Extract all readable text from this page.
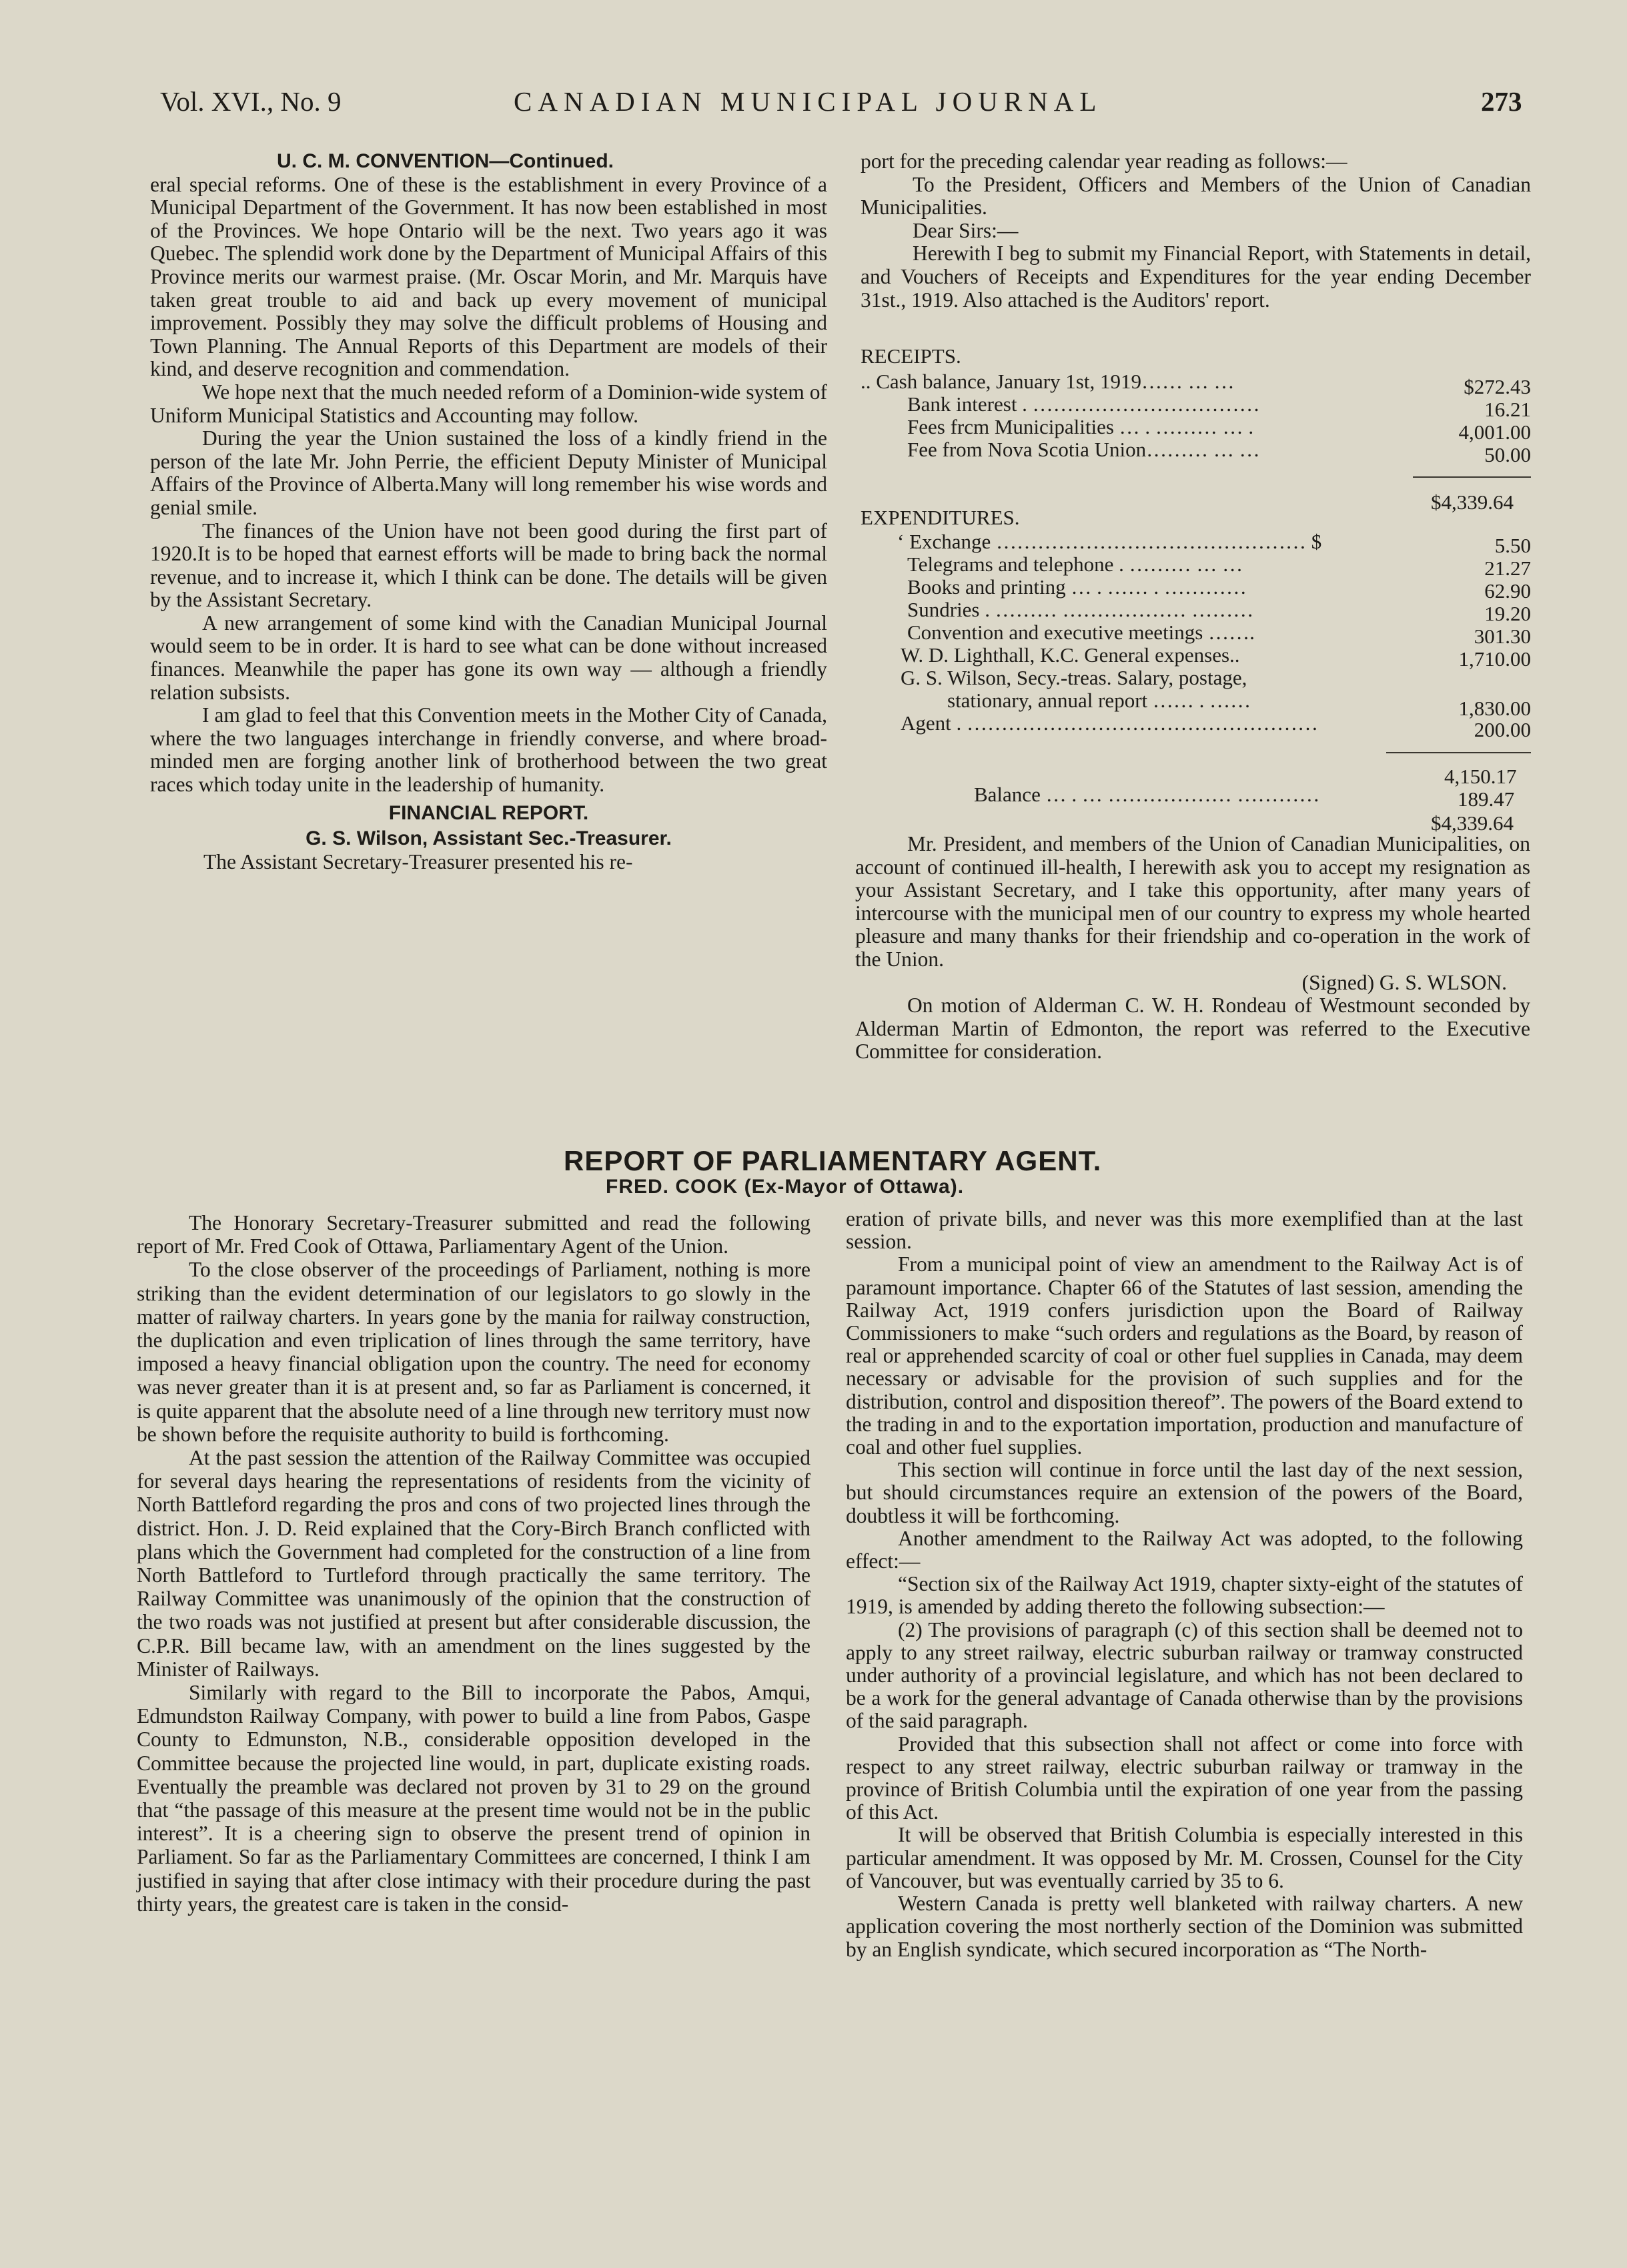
Vol. XVI., No. 9	CANADIAN MUNICIPAL JOURNAL	273
U. C. M. CONVENTION—Continued.

eral special reforms. One of these is the establishment in every Province of a Municipal Department of the Government. It has now been established in most of the Provinces. We hope Ontario will be the next. Two years ago it was Quebec. The splendid work done by the Department of Municipal Affairs of this Province merits our warmest praise. (Mr. Oscar Morin, and Mr. Marquis have taken great trouble to aid and back up every movement of municipal improvement. Possibly they may solve the difficult problems of Housing and Town Planning. The Annual Reports of this Department are models of their kind, and deserve recognition and commendation.

We hope next that the much needed reform of a Dominion-wide system of Uniform Municipal Statistics and Accounting may follow.

During the year the Union sustained the loss of a kindly friend in the person of the late Mr. John Perrie, the efficient Deputy Minister of Municipal Affairs of the Province of Alberta.Many will long remember his wise words and genial smile.

The finances of the Union have not been good during the first part of 1920.It is to be hoped that earnest efforts will be made to bring back the normal revenue, and to increase it, which I think can be done. The details will be given by the Assistant Secretary.

A new arrangement of some kind with the Canadian Municipal Journal would seem to be in order. It is hard to see what can be done without increased finances. Meanwhile the paper has gone its own way — although a friendly relation subsists.

I am glad to feel that this Convention meets in the Mother City of Canada, where the two languages interchange in friendly converse, and where broad-minded men are forging another link of brotherhood between the two great races which today unite in the leadership of humanity.

FINANCIAL REPORT.
G. S. Wilson, Assistant Sec.-Treasurer.

The Assistant Secretary-Treasurer presented his re-

port for the preceding calendar year reading as follows:—

To the President, Officers and Members of the Union of Canadian Municipalities.

Dear Sirs:—

Herewith I beg to submit my Financial Report, with Statements in detail, and Vouchers of Receipts and Expenditures for the year ending December 31st., 1919. Also attached is the Auditors' report.

RECEIPTS.
.. Cash balance, January 1st, 1919…… … …	$272.43
Bank interest . ……………………………	16.21
Fees frcm Municipalities … . ……… … .	4,001.00
Fee from Nova Scotia Union……… … …	50.00
$4,339.64
EXPENDITURES.
‘ Exchange ……………………………………… $	5.50
Telegrams and telephone . ……… … …	21.27
Books and printing … . …… . …………	62.90
Sundries . ……… ……………… ………	19.20
Convention and executive meetings …….	301.30
W. D. Lighthall, K.C. General expenses..	1,710.00
G. S. Wilson, Secy.-treas. Salary, postage,
stationary, annual report …… . ……	1,830.00
Agent . ……………………………………………	200.00
4,150.17
Balance … . … ……………… …………	189.47
$4,339.64

Mr. President, and members of the Union of Canadian Municipalities, on account of continued ill-health, I herewith ask you to accept my resignation as your Assistant Secretary, and I take this opportunity, after many years of intercourse with the municipal men of our country to express my whole hearted pleasure and many thanks for their friendship and co-operation in the work of the Union.

(Signed) G. S. WLSON.

On motion of Alderman C. W. H. Rondeau of Westmount seconded by Alderman Martin of Edmonton, the report was referred to the Executive Committee for consideration.

REPORT OF PARLIAMENTARY AGENT.
FRED. COOK (Ex-Mayor of Ottawa).

The Honorary Secretary-Treasurer submitted and read the following report of Mr. Fred Cook of Ottawa, Parliamentary Agent of the Union.

To the close observer of the proceedings of Parliament, nothing is more striking than the evident determination of our legislators to go slowly in the matter of railway charters. In years gone by the mania for railway construction, the duplication and even triplication of lines through the same territory, have imposed a heavy financial obligation upon the country. The need for economy was never greater than it is at present and, so far as Parliament is concerned, it is quite apparent that the absolute need of a line through new territory must now be shown before the requisite authority to build is forthcoming.

At the past session the attention of the Railway Committee was occupied for several days hearing the representations of residents from the vicinity of North Battleford regarding the pros and cons of two projected lines through the district. Hon. J. D. Reid explained that the Cory-Birch Branch conflicted with plans which the Government had completed for the construction of a line from North Battleford to Turtleford through practically the same territory. The Railway Committee was unanimously of the opinion that the construction of the two roads was not justified at present but after considerable discussion, the C.P.R. Bill became law, with an amendment on the lines suggested by the Minister of Railways.

Similarly with regard to the Bill to incorporate the Pabos, Amqui, Edmundston Railway Company, with power to build a line from Pabos, Gaspe County to Edmunston, N.B., considerable opposition developed in the Committee because the projected line would, in part, duplicate existing roads. Eventually the preamble was declared not proven by 31 to 29 on the ground that “the passage of this measure at the present time would not be in the public interest”. It is a cheering sign to observe the present trend of opinion in Parliament. So far as the Parliamentary Committees are concerned, I think I am justified in saying that after close intimacy with their procedure during the past thirty years, the greatest care is taken in the consid-

eration of private bills, and never was this more exemplified than at the last session.

From a municipal point of view an amendment to the Railway Act is of paramount importance. Chapter 66 of the Statutes of last session, amending the Railway Act, 1919 confers jurisdiction upon the Board of Railway Commissioners to make “such orders and regulations as the Board, by reason of real or apprehended scarcity of coal or other fuel supplies in Canada, may deem necessary or advisable for the provision of such supplies and for the distribution, control and disposition thereof”. The powers of the Board extend to the trading in and to the exportation importation, production and manufacture of coal and other fuel supplies.

This section will continue in force until the last day of the next session, but should circumstances require an extension of the powers of the Board, doubtless it will be forthcoming.

Another amendment to the Railway Act was adopted, to the following effect:—

“Section six of the Railway Act 1919, chapter sixty-eight of the statutes of 1919, is amended by adding thereto the following subsection:—

(2) The provisions of paragraph (c) of this section shall be deemed not to apply to any street railway, electric suburban railway or tramway constructed under authority of a provincial legislature, and which has not been declared to be a work for the general advantage of Canada otherwise than by the provisions of the said paragraph.

Provided that this subsection shall not affect or come into force with respect to any street railway, electric suburban railway or tramway in the province of British Columbia until the expiration of one year from the passing of this Act.

It will be observed that British Columbia is especially interested in this particular amendment. It was opposed by Mr. M. Crossen, Counsel for the City of Vancouver, but was eventually carried by 35 to 6.

Western Canada is pretty well blanketed with railway charters. A new application covering the most northerly section of the Dominion was submitted by an English syndicate, which secured incorporation as “The North-
